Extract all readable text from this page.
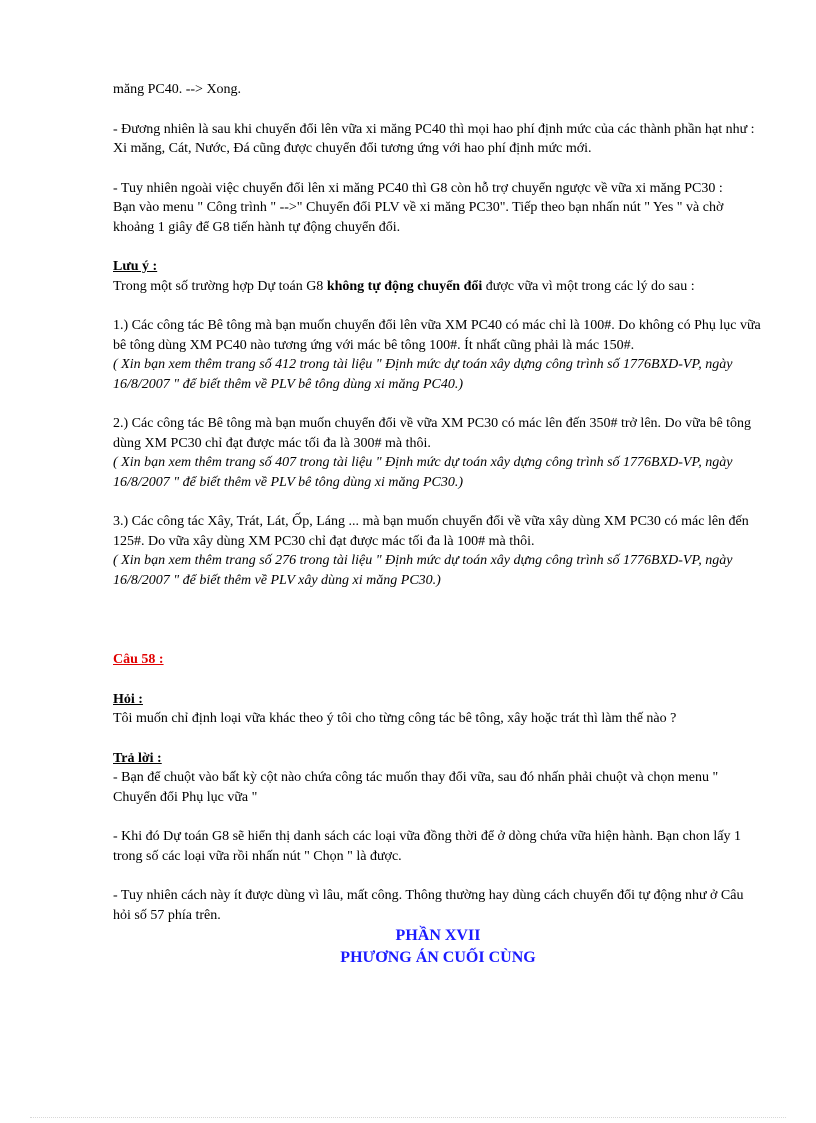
măng PC40. --> Xong.

- Đương nhiên là sau khi chuyển đổi lên vữa xi măng PC40 thì mọi hao phí định mức của các thành phần hạt như : Xi măng, Cát, Nước, Đá cũng được chuyển đổi tương ứng với hao phí định mức mới.

- Tuy nhiên ngoài việc chuyển đổi lên xi măng PC40 thì G8 còn hỗ trợ chuyển ngược về vữa xi măng PC30 :

Bạn vào menu " Công trình " -->" Chuyển đổi PLV về xi măng PC30". Tiếp theo bạn nhấn nút " Yes " và chờ khoảng 1 giây để G8 tiến hành tự động chuyển đổi.

Lưu ý :

Trong một số trường hợp Dự toán G8 không tự động chuyển đổi được vữa vì một trong các lý do sau :

1.) Các công tác Bê tông mà bạn muốn chuyển đổi lên vữa XM PC40 có mác chỉ là 100#. Do không có Phụ lục vữa bê tông dùng XM PC40 nào tương ứng với mác bê tông 100#. Ít nhất cũng phải là mác 150#.

( Xin bạn xem thêm trang số 412 trong tài liệu " Định mức dự toán xây dựng công trình số 1776BXD-VP, ngày 16/8/2007 " để biết thêm về PLV bê tông dùng xi măng PC40.)

2.) Các công tác Bê tông mà bạn muốn chuyển đổi về vữa XM PC30 có mác lên đến 350# trở lên. Do vữa bê tông dùng XM PC30 chỉ đạt được mác tối đa là 300# mà thôi.

( Xin bạn xem thêm trang số 407 trong tài liệu " Định mức dự toán xây dựng công trình số 1776BXD-VP, ngày 16/8/2007 " để biết thêm về PLV bê tông dùng xi măng PC30.)

3.) Các công tác Xây, Trát, Lát, Ốp, Láng ... mà bạn muốn chuyển đổi về vữa xây dùng XM PC30 có mác lên đến 125#. Do vữa xây dùng XM PC30 chỉ đạt được mác tối đa là 100# mà thôi.

( Xin bạn xem thêm trang số 276 trong tài liệu " Định mức dự toán xây dựng công trình số 1776BXD-VP, ngày 16/8/2007 " để biết thêm về PLV xây dùng xi măng PC30.)

Câu 58 :

Hỏi :

Tôi muốn chỉ định loại vữa khác theo ý tôi cho từng công tác bê tông, xây hoặc trát thì làm thế nào ?

Trả lời :

- Bạn để chuột vào bất kỳ cột nào chứa công tác muốn thay đổi vữa, sau đó nhấn phải chuột và chọn menu " Chuyển đổi Phụ lục vữa "

- Khi đó Dự toán G8 sẽ hiển thị danh sách các loại vữa đồng thời để ở dòng chứa vữa hiện hành. Bạn chon lấy 1 trong số các loại vữa rồi nhấn nút " Chọn " là được.

- Tuy nhiên cách này ít được dùng vì lâu, mất công. Thông thường hay dùng cách chuyển đổi tự động như ở Câu hỏi số 57 phía trên.

PHẦN XVII

PHƯƠNG ÁN CUỐI CÙNG
